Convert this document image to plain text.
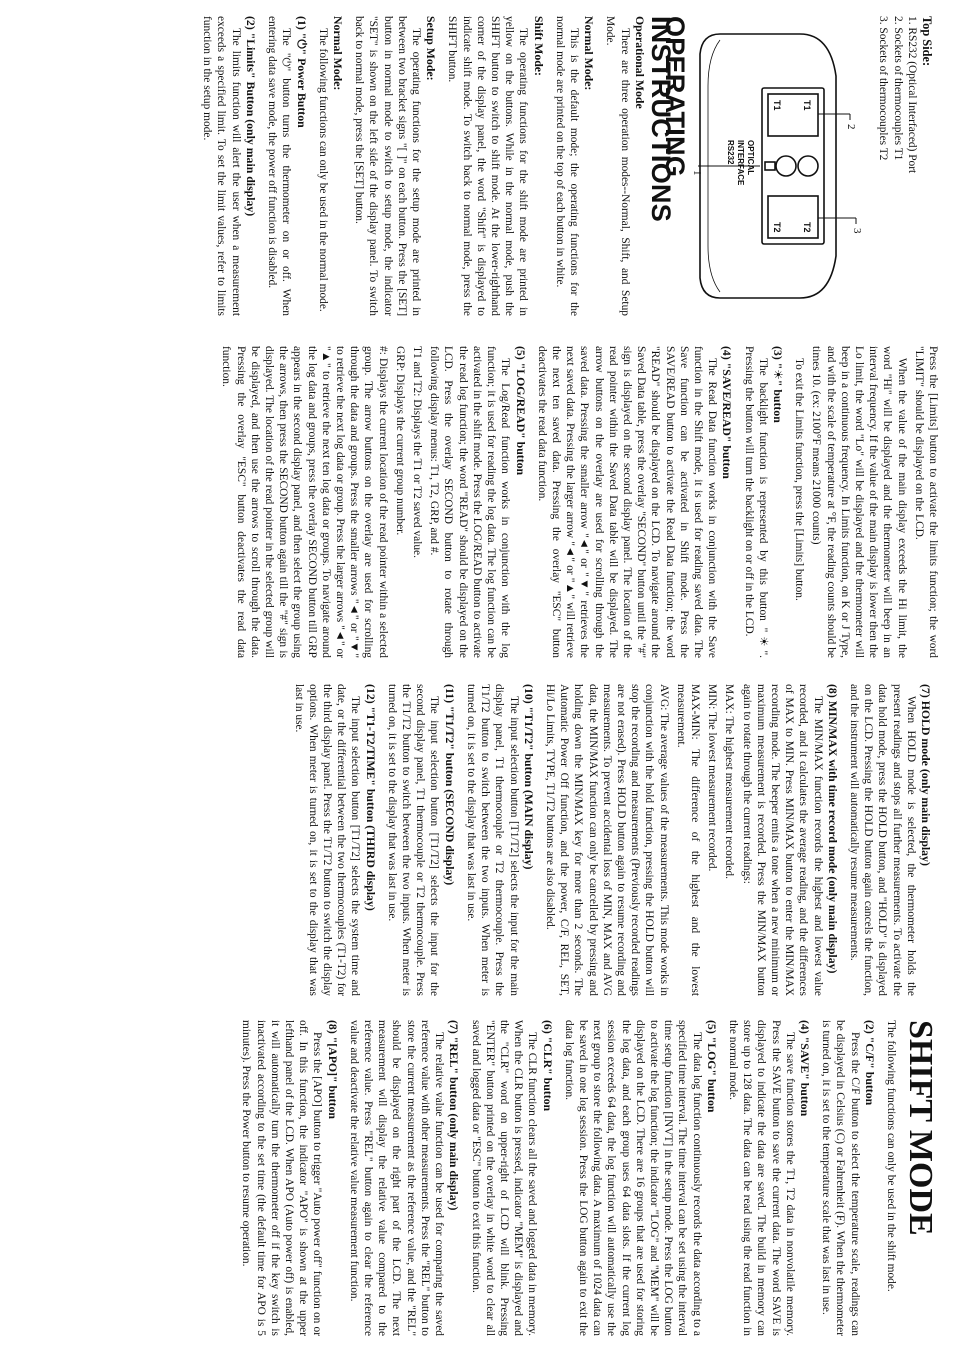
Top Side:
1. RS232 (Optical Interfaced) Port
2. Sockets of thermocouples T1
3. Sockets of thermocouples T2
T1
T1
T2
T2
OPTICAL
INTERFACE
RS232
2
3
1
OPERATING INSTRUCTIONS
Operational Mode

There are three operation modes--Normal, Shift, and Setup Mode.

Normal Mode:

This is the default mode; the operating functions for the normal mode are printed on the top of each button in white.

Shift Mode:

The operating functions for the shift mode are printed in yellow on the buttons. While in the normal mode, push the SHIFT button to switch to shift mode. At the lower-righthand corner of the display panel, the word "Shift" is displayed to indicate shift mode. To switch back to normal mode, press the SHIFT button.

Setup Mode:

The operating functions for the setup mode are printed in between two bracket signs "[ ]" on each button. Press the [SET] button in normal mode to switch to setup mode, the indicator "SET" is shown on the left side of the display panel. To switch back to normal mode, press the [SET] button.

Normal Mode:

The following functions can only be used in the normal mode.

(1) "⏻" Power Button

The "⏻" button turns the thermometer on or off. When entering data save mode, the power off function is disabled.

(2) "Limits" Button (only main display)

The limits function will alert the user when a measurement exceeds a specified limit. To set the limit values, refer to limits function in the setup mode.

Press the [Limits] button to activate the limits function; the word "LIMIT" should be displayed on the LCD.

When the value of the main display exceeds the Hi limit, the word "Hi" will be displayed and the thermometer will beep in an interval frequency. If the value of the main display is lower then the Lo limit, the word "Lo" will be displayed and the thermometer will beep in a continuous frequency. In Limits function, on K or J Type, and with the scale of temperature at °F, the reading counts should be times 10. (ex: 2100°F means 21000 counts)

To exit the Limits function, press the [Limits] button.

(3) "☀" button

The backlight function is represented by this button "☀". Pressing the button will turn the backlight on or off in the LCD.

(4) "SAVE/READ" button

The Read Data function works in conjunction with the Save function in the Shift mode, it is used for reading saved data. The Save function can be activated in Shift mode. Press the SAVE/READ button to activate the Read Data function; the word "READ" should be displayed on the LCD. To navigate around the Saved Data table, press the overlay "SECOND" button until the "#" sign is displayed on the second display panel. The location of the read pointer within the Saved Data table will be displayed. The arrow buttons on the overlay are used for scrolling through the saved data. Pressing the smaller arrow "◄" or "▼" retrieves the next saved data. Pressing the larger arrow "◄" or "▲" will retrieve the next ten saved data. Pressing the overlay "ESC" button deactivates the read data function.

(5) "LOG/READ" button

The Log/Read function works in conjunction with the log function; it is used for reading the log data. The log function can be activated in the shift mode. Press the LOG/READ button to activate the read log function; the word "READ" should be displayed on the LCD. Press the overlay SECOND button to rotate through following display menus: T1, T2, GRP, and #.

T1 and T2: Displays the T1 or T2 saved value.

GRP: Displays the current group number.

#: Displays the current location of the read pointer within a selected group. The arrow buttons on the overlay are used for scrolling through the data and groups. Press the smaller arrows "◄" or "▼" to retrieve the next log data or group. Press the larger arrows "◄" or "▲" to retrieve the next ten log data or groups. To navigate around the log data and groups, press the overlay SECOND button till GRP appears in the second display panel, and then select the group using the arrows, then press the SECOND button again till the "#" sign is displayed. The location of the read pointer in the selected group will be displayed, and then use the arrows to scroll through the data. Pressing the overlay "ESC" button deactivates the read data function.

(7) HOLD mode (only main display)

When HOLD mode is selected, the thermometer holds the present readings and stops all further measurements. To activate the data hold mode, press the HOLD button, and "HOLD" is displayed on the LCD. Pressing the HOLD button again cancels the function, and the instrument will automatically resume measurements.

(8) MIN/MAX with time record mode (only main display)

The MIN/MAX function records the highest and lowest value recorded, and it calculates the average reading, and the differences of MAX to MIN. Press MIN/MAX button to enter the MIN/MAX recording mode. The beeper emits a tone when a new minimum or maximum measurement is recorded. Press the MIN/MAX button again to rotate through the current readings:

MAX: The highest measurement recorded.

MIN: The lowest measurement recorded.

MAX-MIN: The difference of the highest and the lowest measurement.

AVG: The average values of the measurements. This mode works in conjunction with the hold function, pressing the HOLD button will stop the recording and measurements (Previously recorded readings are not erased). Press HOLD button again to resume recording and measurements. To prevent accidental loss of MIN, MAX and AVG data, the MIN/MAX function can only be cancelled by pressing and holding down the MIN/MAX key for more than 2 seconds. The Automatic Power Off function, and the power, C/F, REL, SET, Hi/Lo Limits, TYPE, T1/T2 buttons are also disabled.

(10) "T1/T2" button (MAIN display)

The input selection button [T1/T2] selects the input for the main display panel, T1 thermocouple or T2 thermocouple. Press the T1/T2 button to switch between the two inputs. When meter is turned on, it is set to the display that was last in use.

(11) "T1/T2" button (SECOND display)

The input selection button [T1/T2] selects the input for the second display panel, T1 thermocouple or T2 thermocouple. Press the T1/T2 button to switch between the two inputs. When meter is turned on, it is set to the display that was last in use.

(12) "T1-T2/TIME" button (THIRD display)

The input selection button [T1/T2] selects the system time and date, or the differential between the two thermocouples (T1-T2) for the third display panel. Press the T1/T2 button to switch the display options. When meter is turned on, it is set to the display that was last in use.

SHIFT MODE

The following functions can only be used in the shift mode.

(2) "C/F" button

Press the C/F button to select the temperature scale, readings can be displayed in Celsius (C) or Fahrenheit (F). When the thermometer is turned on, it is set to the temperature scale that was last in use.

(4) "SAVE" button

The save function stores the T1, T2 data in nonvolatile memory. Press the SAVE button to save the current data. The word SAVE is displayed to indicate the data are saved. The build in memory can store up to 128 data. The data can be read using the read function in the normal mode.

(5) "LOG" button

The data log function continuously records the data according to a specified time interval. The time interval can be set using the interval time setup function [INVT] in the setup mode. Press the LOG button to activate the log function; the indicator "LOG" and "MEM" will be displayed on the LCD. There are 16 groups that are used for storing the log data, and each group uses 64 data slots. If the current log session exceeds 64 data, the log function will automatically use the next group to store the following data. A maximum of 1024 data can be saved in one log session. Press the LOG button again to exit the data log function.

(6) "CLR" button

The CLR function clears all the saved and logged data in memory. When the CLR button is pressed, indicator "MEM" is displayed and the "CLR" word on upper-right of LCD will blink. Pressing "ENTER" button printed on the overlay in white word to clear all saved and logged data or "ESC" button to exit this function.

(7) "REL" button (only main display)

The relative value function can be used for comparing the saved reference value with other measurements. Press the "REL" button to store the current measurement as the reference value, and the "REL" should be displayed on the right part of the LCD. The next measurement will display the relative value compared to the reference value. Press "REL" button again to clear the reference value and deactivate the relative value measurement function.

(8) "[APO]" button

Press the [APO] button to trigger "Auto power off" function on or off. In this function, the indicator "APO" is shown at the upper lefthand panel of the LCD. When APO (Auto power off) is enabled, it will automatically turn the thermometer off if the key switch is inactivated according to the set time (the default time for APO is 5 minutes). Press the Power button to resume operation.
